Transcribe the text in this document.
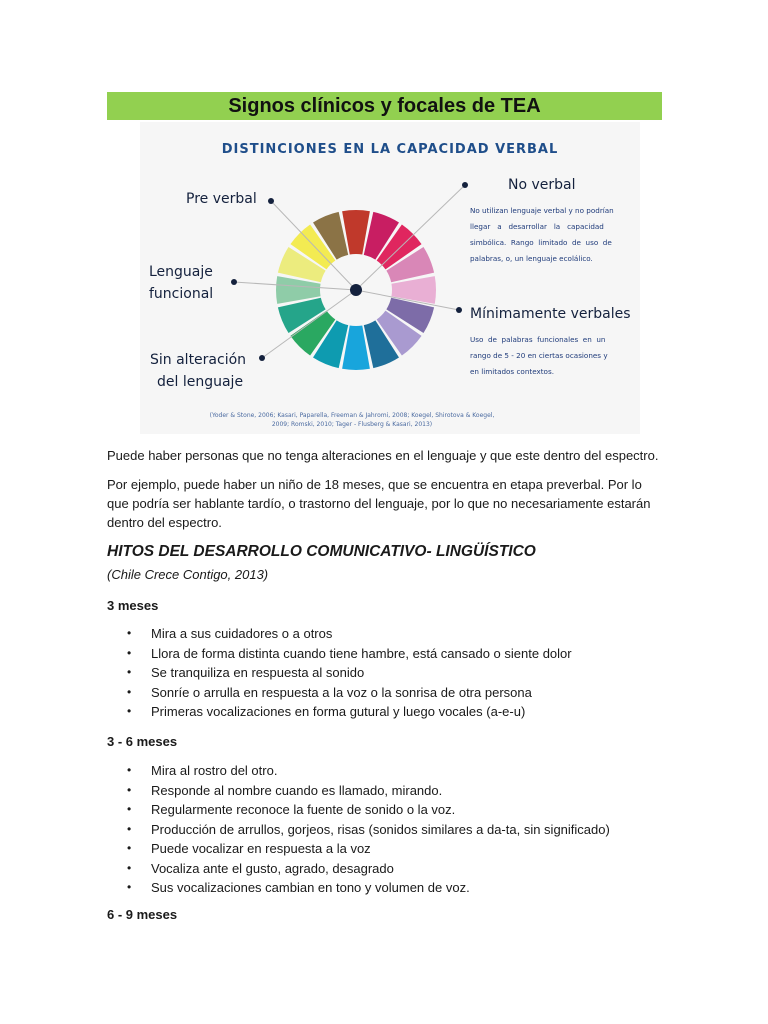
Signos clínicos y focales de TEA
DISTINCIONES EN LA CAPACIDAD VERBAL
Pre verbal
Lenguaje
funcional
Sin alteración
del lenguaje
No verbal
Mínimamente verbales
No utilizan lenguaje verbal y no podrían
llegar   a   desarrollar   la   capacidad
simbólica.  Rango  limitado  de  uso  de
palabras, o, un lenguaje ecolálico.
Uso  de  palabras  funcionales  en  un
rango de 5 - 20 en ciertas ocasiones y
en limitados contextos.
(Yoder & Stone, 2006; Kasari, Paparella, Freeman & Jahromi, 2008; Koegel, Shirotova & Koegel,
2009; Romski, 2010; Tager - Flusberg & Kasari, 2013)

Puede haber personas que no tenga alteraciones en el lenguaje y que este dentro del espectro.

Por ejemplo, puede haber un niño de 18 meses, que se encuentra en etapa preverbal. Por lo que podría ser hablante tardío, o trastorno del lenguaje, por lo que no necesariamente estarán dentro del espectro.

HITOS DEL DESARROLLO COMUNICATIVO- LINGÜÍSTICO

(Chile Crece Contigo, 2013)

3 meses

•	Mira a sus cuidadores o a otros
•	Llora de forma distinta cuando tiene hambre, está cansado o siente dolor
•	Se tranquiliza en respuesta al sonido
•	Sonríe o arrulla en respuesta a la voz o la sonrisa de otra persona
•	Primeras vocalizaciones en forma gutural y luego vocales (a-e-u)

3 - 6 meses

•	Mira al rostro del otro.
•	Responde al nombre cuando es llamado, mirando.
•	Regularmente reconoce la fuente de sonido o la voz.
•	Producción de arrullos, gorjeos, risas (sonidos similares a da-ta, sin significado)
•	Puede vocalizar en respuesta a la voz
•	Vocaliza ante el gusto, agrado, desagrado
•	Sus vocalizaciones cambian en tono y volumen de voz.

6 - 9 meses
